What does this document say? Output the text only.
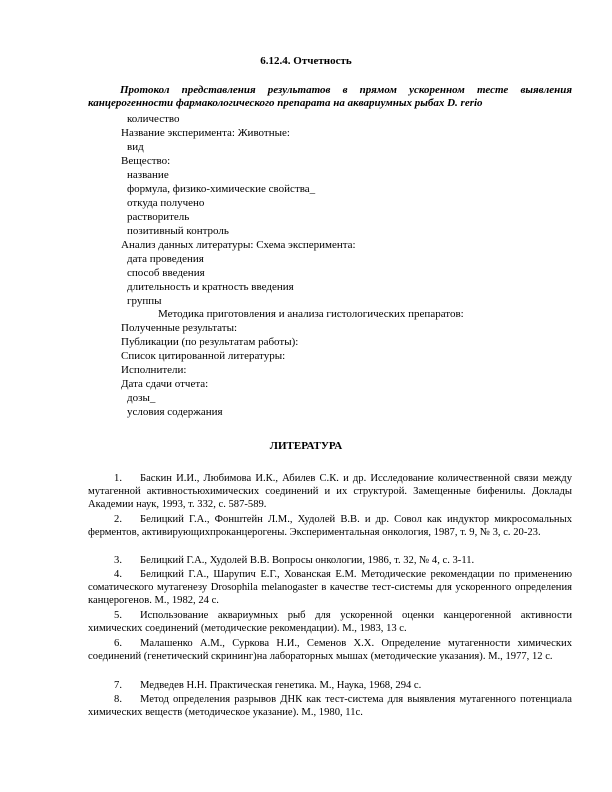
6.12.4. Отчетность
Протокол представления результатов в прямом ускоренном тесте выявления канцерогенности фармакологического препарата на аквариумных рыбах D. rerio
количество
Название эксперимента: Животные:
вид
Вещество:
название
формула, физико-химические свойства_
откуда получено
растворитель
позитивный контроль
Анализ данных литературы: Схема эксперимента:
дата проведения
способ введения
длительность и кратность введения
группы
Методика приготовления и анализа гистологических препаратов:
Полученные результаты:
Публикации (по результатам работы):
Список цитированной литературы:
Исполнители:
Дата сдачи отчета:
дозы_
условия содержания
ЛИТЕРАТУРА
1. Баскин И.И., Любимова И.К., Абилев С.К. и др. Исследование количественной связи между мутагенной активностьюхимических соединений и их структурой. Замещенные бифенилы. Доклады Академии наук, 1993, т. 332, с. 587-589.
2. Белицкий Г.А., Фонштейн Л.М., Худолей В.В. и др. Совол как индуктор микросомальных ферментов, активирующихпроканцерогены. Экспериментальная онкология, 1987, т. 9, № 3, с. 20-23.
3. Белицкий Г.А., Худолей В.В. Вопросы онкологии, 1986, т. 32, № 4, с. 3-11.
4. Белицкий Г.А., Шарупич Е.Г., Хованская Е.М. Методические рекомендации по применению соматического мутагенезу Drosophila melanogaster в качестве тест-системы для ускоренного определения канцерогенов. М., 1982, 24 с.
5. Использование аквариумных рыб для ускоренной оценки канцерогенной активности химических соединений (методические рекомендации). М., 1983, 13 с.
6. Малашенко А.М., Суркова Н.И., Семенов Х.Х. Определение мутагенности химических соединений (генетический скрининг)на лабораторных мышах (методические указания). М., 1977, 12 с.
7. Медведев Н.Н. Практическая генетика. М., Наука, 1968, 294 с.
8. Метод определения разрывов ДНК как тест-система для выявления мутагенного потенциала химических веществ (методическое указание). М., 1980, 11с.
